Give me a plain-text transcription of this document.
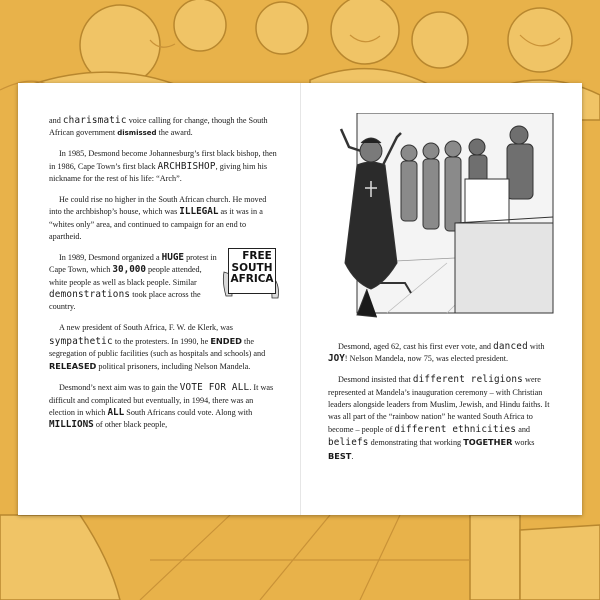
and charismatic voice calling for change, though the South African government dismissed the award.

In 1985, Desmond become Johannesburg’s first black bishop, then in 1986, Cape Town’s first black ARCHBISHOP, giving him his nickname for the rest of his life: “Arch”.

He could rise no higher in the South African church. He moved into the archbishop’s house, which was ILLEGAL as it was in a “whites only” area, and continued to campaign for an end to apartheid.

FREE
SOUTH
AFRICA
In 1989, Desmond organized a HUGE protest in Cape Town, which 30,000 people attended, white people as well as black people. Similar demonstrations took place across the country.

A new president of South Africa, F. W. de Klerk, was sympathetic to the protesters. In 1990, he ENDED the segregation of public facilities (such as hospitals and schools) and RELEASED political prisoners, including Nelson Mandela.

Desmond’s next aim was to gain the VOTE FOR ALL. It was difficult and complicated but eventually, in 1994, there was an election in which ALL South Africans could vote. Along with MILLIONS of other black people,

Desmond, aged 62, cast his first ever vote, and danced with JOY! Nelson Mandela, now 75, was elected president.

Desmond insisted that different religions were represented at Mandela’s inauguration ceremony – with Christian leaders alongside leaders from Muslim, Jewish, and Hindu faiths. It was all part of the “rainbow nation” he wanted South Africa to become – people of different ethnicities and beliefs demonstrating that working TOGETHER works BEST.
